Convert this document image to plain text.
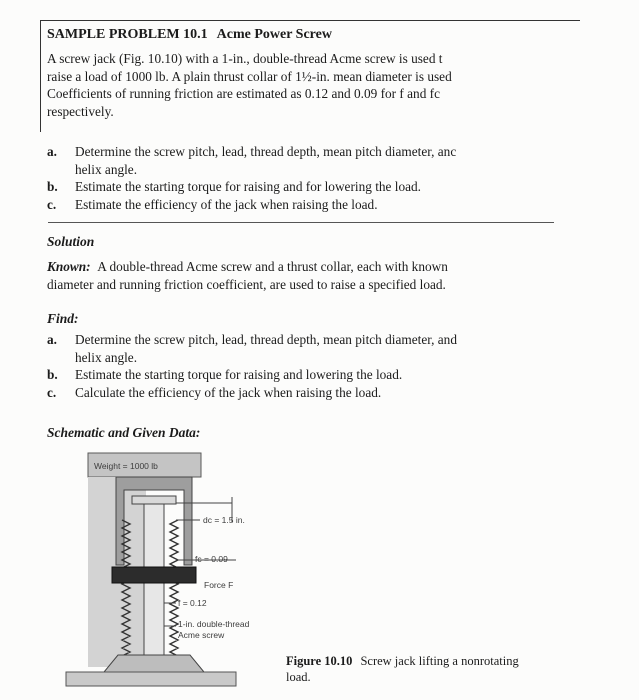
SAMPLE PROBLEM 10.1 Acme Power Screw
A screw jack (Fig. 10.10) with a 1-in., double-thread Acme screw is used t
raise a load of 1000 lb. A plain thrust collar of 1½-in. mean diameter is used
Coefficients of running friction are estimated as 0.12 and 0.09 for f and fc
respectively.
a. Determine the screw pitch, lead, thread depth, mean pitch diameter, anc
helix angle.
b. Estimate the starting torque for raising and for lowering the load.
c. Estimate the efficiency of the jack when raising the load.
Solution
Known: A double-thread Acme screw and a thrust collar, each with known
diameter and running friction coefficient, are used to raise a specified load.
Find:
a. Determine the screw pitch, lead, thread depth, mean pitch diameter, and
helix angle.
b. Estimate the starting torque for raising and lowering the load.
c. Calculate the efficiency of the jack when raising the load.
Schematic and Given Data:
Weight = 1000 lb
dc = 1.5 in.
fc = 0.09
Force F
f = 0.12
1-in. double-thread
Acme screw
Figure 10.10 Screw jack lifting a nonrotating
load.
